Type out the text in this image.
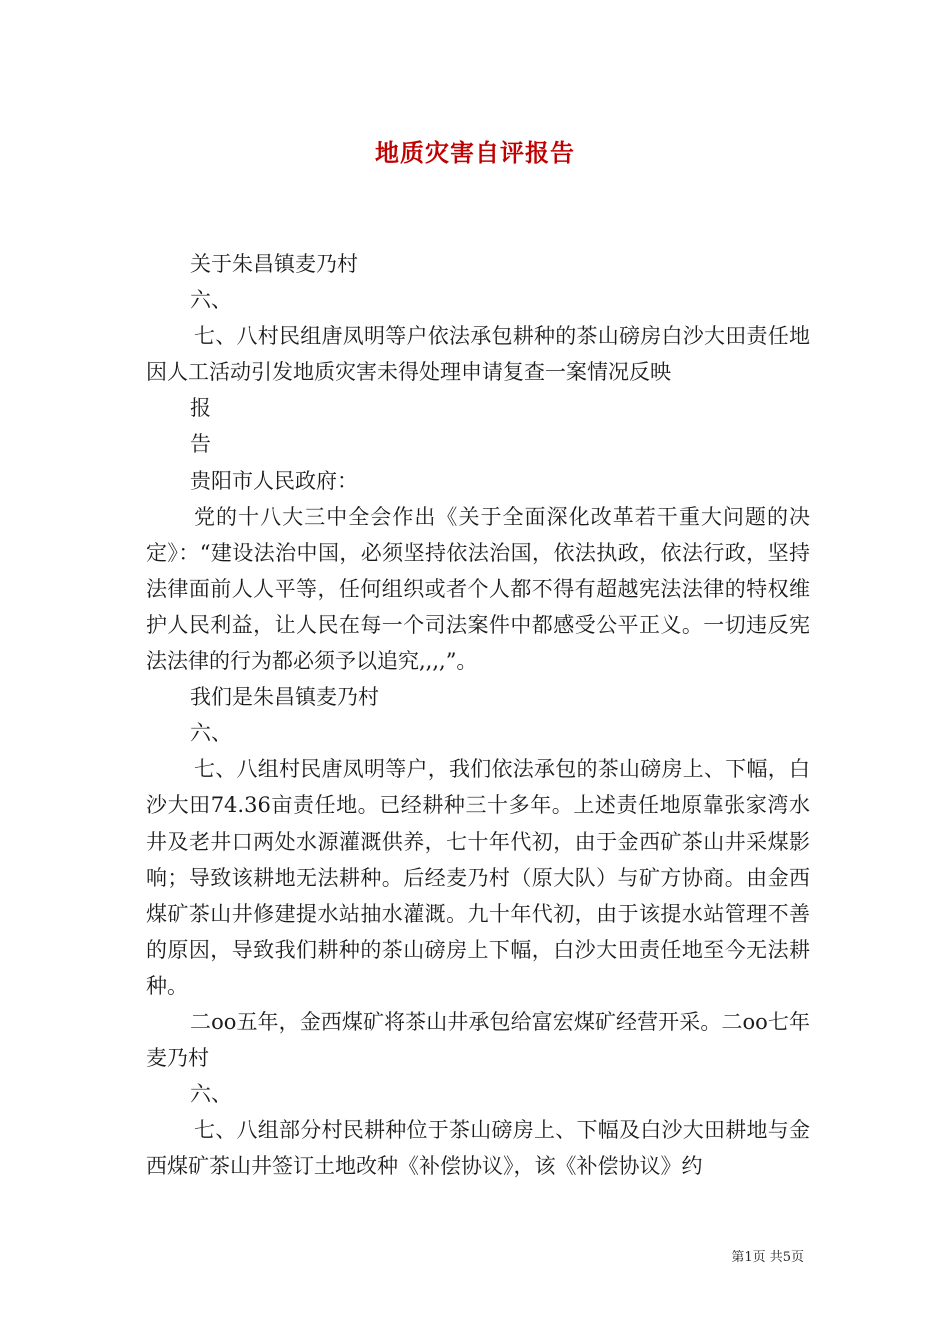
地质灾害自评报告

关于朱昌镇麦乃村

六、

七、八村民组唐凤明等户依法承包耕种的茶山磅房白沙大田责任地因人工活动引发地质灾害未得处理申请复查一案情况反映

报

告

贵阳市人民政府：

党的十八大三中全会作出《关于全面深化改革若干重大问题的决定》：“建设法治中国，必须坚持依法治国，依法执政，依法行政，坚持法律面前人人平等，任何组织或者个人都不得有超越宪法法律的特权维护人民利益，让人民在每一个司法案件中都感受公平正义。一切违反宪法法律的行为都必须予以追究,,,,”。

我们是朱昌镇麦乃村

六、

七、八组村民唐凤明等户，我们依法承包的茶山磅房上、下幅，白沙大田74.36亩责任地。已经耕种三十多年。上述责任地原靠张家湾水井及老井口两处水源灌溉供养，七十年代初，由于金西矿茶山井采煤影响；导致该耕地无法耕种。后经麦乃村（原大队）与矿方协商。由金西煤矿茶山井修建提水站抽水灌溉。九十年代初，由于该提水站管理不善的原因，导致我们耕种的茶山磅房上下幅，白沙大田责任地至今无法耕种。

二oo五年，金西煤矿将茶山井承包给富宏煤矿经营开采。二oo七年麦乃村

六、

七、八组部分村民耕种位于茶山磅房上、下幅及白沙大田耕地与金西煤矿茶山井签订土地改种《补偿协议》，该《补偿协议》约

第1页 共5页
